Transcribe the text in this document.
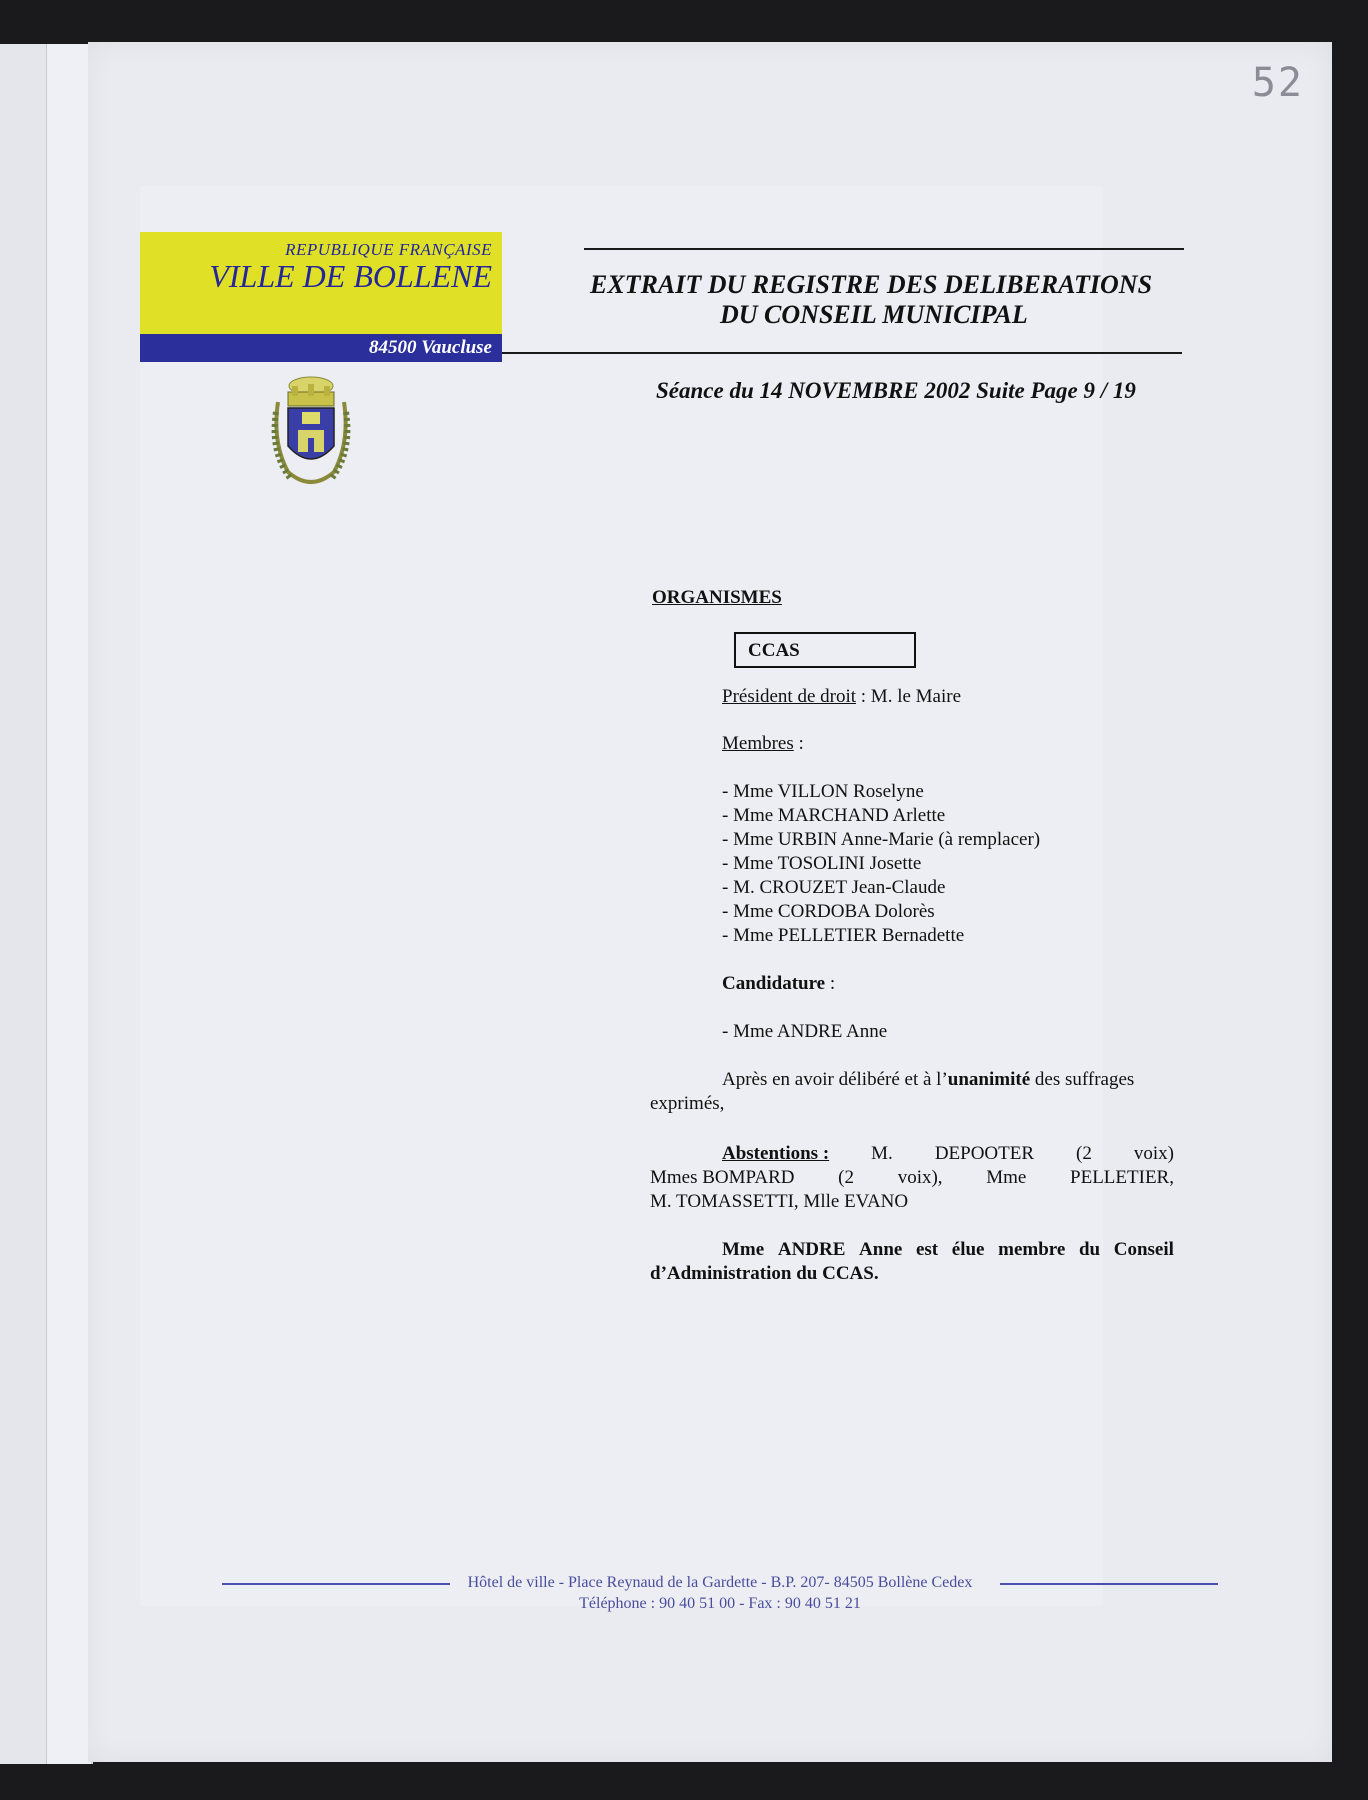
52
REPUBLIQUE FRANÇAISE
VILLE DE BOLLENE
84500 Vaucluse
EXTRAIT DU REGISTRE DES DELIBERATIONS
DU CONSEIL MUNICIPAL
Séance du 14 NOVEMBRE 2002 Suite Page 9 / 19
ORGANISMES
CCAS
Président de droit : M. le Maire
Membres :
- Mme VILLON Roselyne
- Mme MARCHAND Arlette
- Mme URBIN Anne-Marie (à remplacer)
- Mme TOSOLINI Josette
- M. CROUZET Jean-Claude
- Mme CORDOBA Dolorès
- Mme PELLETIER Bernadette
Candidature :
- Mme ANDRE Anne
Après en avoir délibéré et à l’unanimité des suffrages
exprimés,
Abstentions : M. DEPOOTER (2 voix)
Mmes BOMPARD (2 voix), Mme PELLETIER,
M. TOMASSETTI, Mlle EVANO
Mme ANDRE Anne est élue membre du Conseil
d’Administration du CCAS.
Hôtel de ville - Place Reynaud de la Gardette - B.P. 207- 84505 Bollène Cedex
Téléphone : 90 40 51 00 - Fax : 90 40 51 21
